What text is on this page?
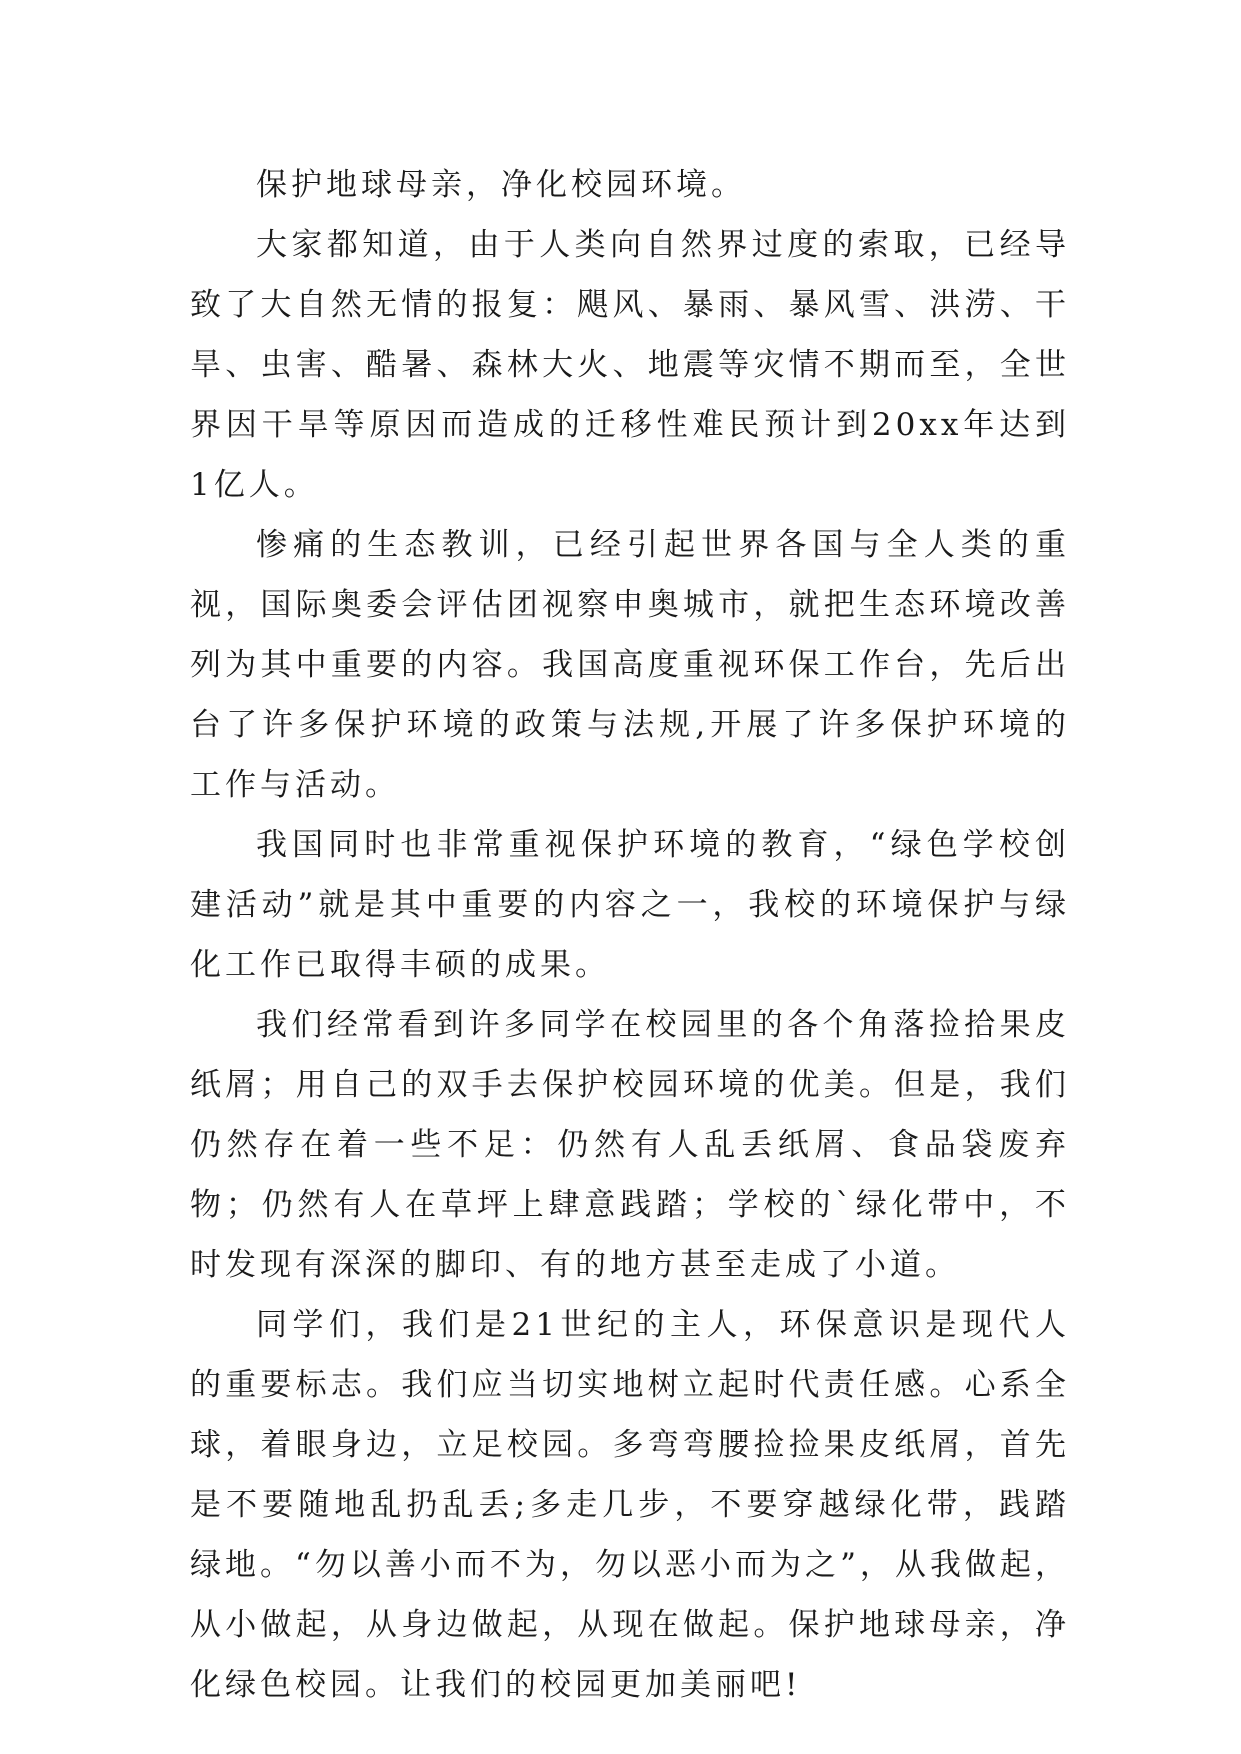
保护地球母亲，净化校园环境。

大家都知道，由于人类向自然界过度的索取，已经导致了大自然无情的报复：飓风、暴雨、暴风雪、洪涝、干旱、虫害、酷暑、森林大火、地震等灾情不期而至，全世界因干旱等原因而造成的迁移性难民预计到20xx年达到1亿人。

惨痛的生态教训，已经引起世界各国与全人类的重视，国际奥委会评估团视察申奥城市，就把生态环境改善列为其中重要的内容。我国高度重视环保工作台，先后出台了许多保护环境的政策与法规,开展了许多保护环境的工作与活动。

我国同时也非常重视保护环境的教育，“绿色学校创建活动”就是其中重要的内容之一，我校的环境保护与绿化工作已取得丰硕的成果。

我们经常看到许多同学在校园里的各个角落捡拾果皮纸屑；用自己的双手去保护校园环境的优美。但是，我们仍然存在着一些不足：仍然有人乱丢纸屑、食品袋废弃物；仍然有人在草坪上肆意践踏；学校的`绿化带中，不时发现有深深的脚印、有的地方甚至走成了小道。

同学们，我们是21世纪的主人，环保意识是现代人的重要标志。我们应当切实地树立起时代责任感。心系全球，着眼身边，立足校园。多弯弯腰捡捡果皮纸屑，首先是不要随地乱扔乱丢;多走几步，不要穿越绿化带，践踏绿地。“勿以善小而不为，勿以恶小而为之”，从我做起，从小做起，从身边做起，从现在做起。保护地球母亲，净化绿色校园。让我们的校园更加美丽吧!
